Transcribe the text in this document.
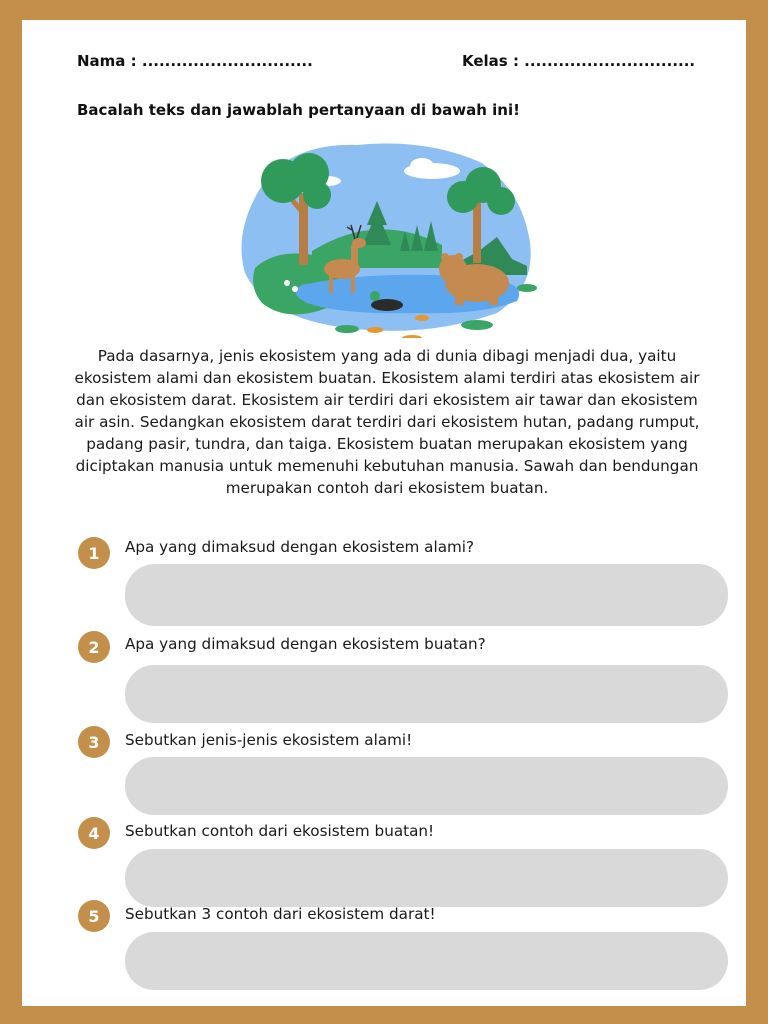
Nama : ..............................	Kelas : ..............................
Bacalah teks dan jawablah pertanyaan di bawah ini!
Pada dasarnya, jenis ekosistem yang ada di dunia dibagi menjadi dua, yaitu ekosistem alami dan ekosistem buatan. Ekosistem alami terdiri atas ekosistem air dan ekosistem darat. Ekosistem air terdiri dari ekosistem air tawar dan ekosistem air asin. Sedangkan ekosistem darat terdiri dari ekosistem hutan, padang rumput, padang pasir, tundra, dan taiga. Ekosistem buatan merupakan ekosistem yang diciptakan manusia untuk memenuhi kebutuhan manusia. Sawah dan bendungan merupakan contoh dari ekosistem buatan.
1	Apa yang dimaksud dengan ekosistem alami?
2	Apa yang dimaksud dengan ekosistem buatan?
3	Sebutkan jenis-jenis ekosistem alami!
4	Sebutkan contoh dari ekosistem buatan!
5	Sebutkan 3 contoh dari ekosistem darat!
